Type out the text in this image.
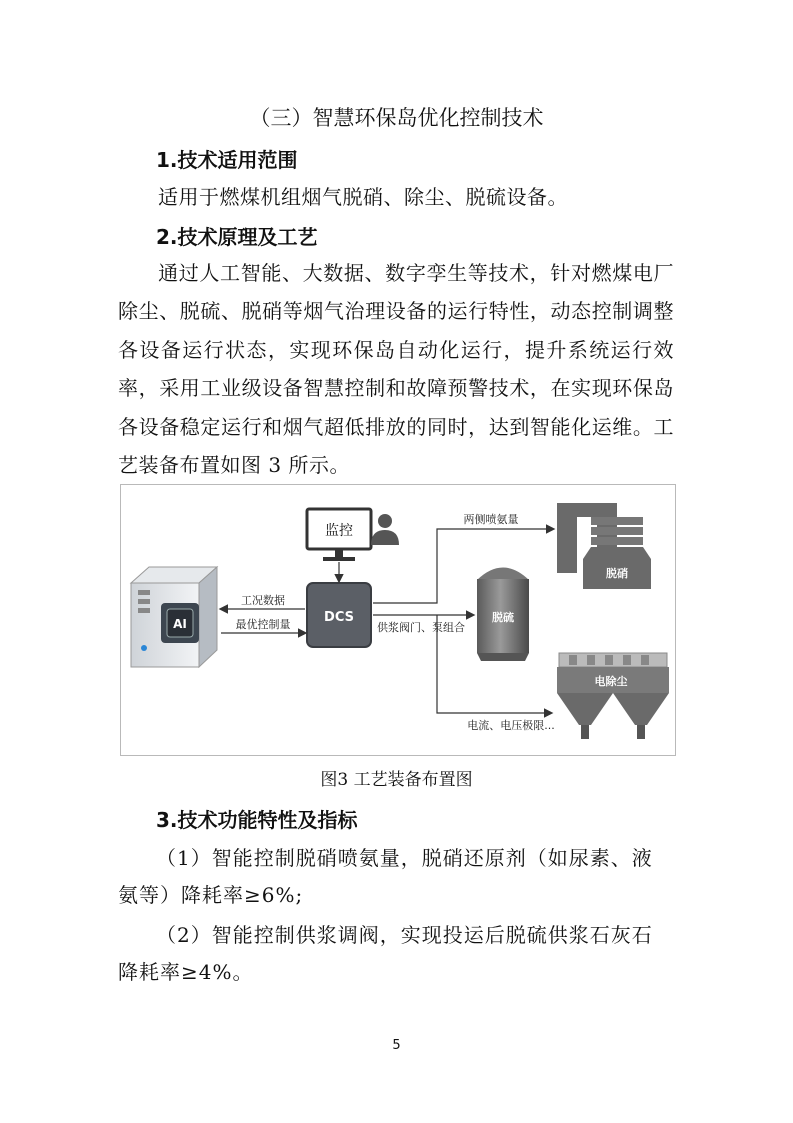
（三）智慧环保岛优化控制技术
1.技术适用范围
适用于燃煤机组烟气脱硝、除尘、脱硫设备。
2.技术原理及工艺
通过人工智能、大数据、数字孪生等技术，针对燃煤电厂除尘、脱硫、脱硝等烟气治理设备的运行特性，动态控制调整各设备运行状态，实现环保岛自动化运行，提升系统运行效率，采用工业级设备智慧控制和故障预警技术，在实现环保岛各设备稳定运行和烟气超低排放的同时，达到智能化运维。工艺装备布置如图 3 所示。
AI
监控
DCS
工况数据
最优控制量
两侧喷氨量
供浆阀门、泵组合
电流、电压极限...
脱硝
脱硫
电除尘
图3 工艺装备布置图
3.技术功能特性及指标
（1）智能控制脱硝喷氨量，脱硝还原剂（如尿素、液
氨等）降耗率≥6%;
（2）智能控制供浆调阀，实现投运后脱硫供浆石灰石
降耗率≥4%。
5
